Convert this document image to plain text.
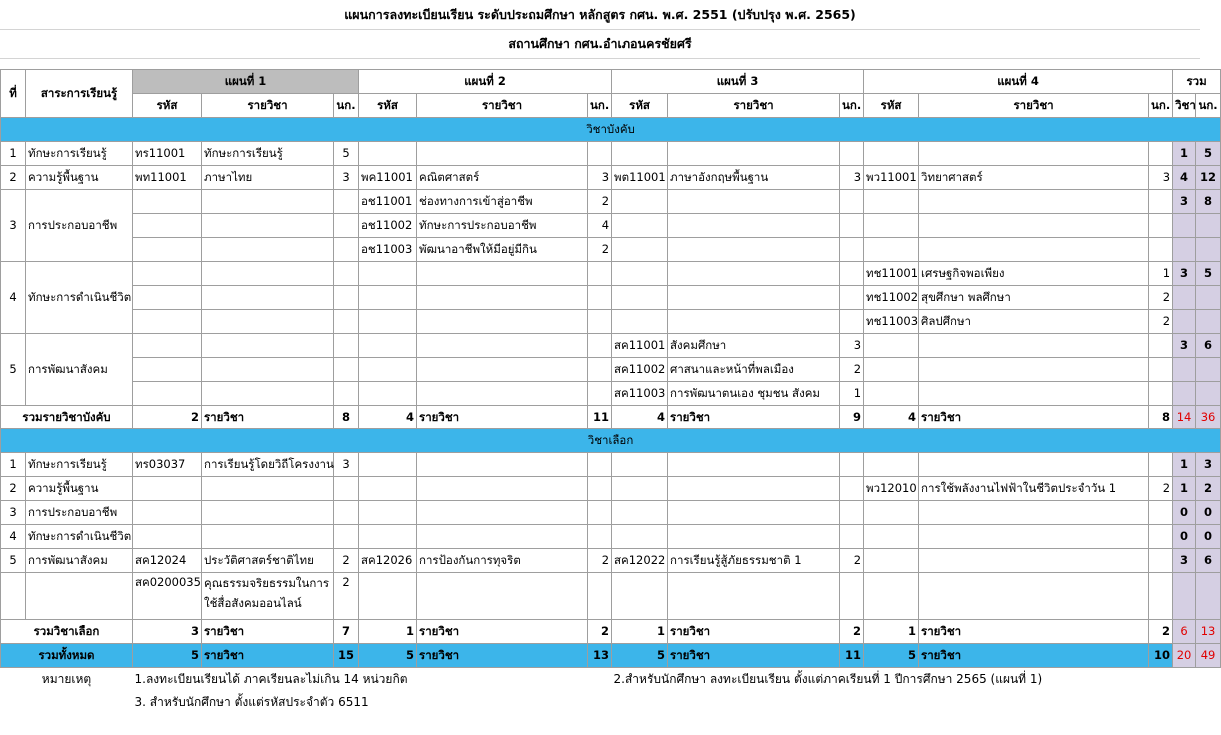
แผนการลงทะเบียนเรียน ระดับประถมศึกษา หลักสูตร กศน. พ.ศ. 2551 (ปรับปรุง พ.ศ. 2565)
สถานศึกษา กศน.อำเภอนครชัยศรี
ที่	สาระการเรียนรู้	แผนที่ 1			แผนที่ 2			แผนที่ 3			แผนที่ 4			รวม	
		รหัส	รายวิชา	นก.	รหัส	รายวิชา	นก.	รหัส	รายวิชา	นก.	รหัส	รายวิชา	นก.	วิชา	นก.
วิชาบังคับ															
1	ทักษะการเรียนรู้	ทร11001	ทักษะการเรียนรู้	5										1	5
2	ความรู้พื้นฐาน	พท11001	ภาษาไทย	3	พค11001	คณิตศาสตร์	3	พต11001	ภาษาอังกฤษพื้นฐาน	3	พว11001	วิทยาศาสตร์	3	4	12
3	การประกอบอาชีพ				อช11001	ช่องทางการเข้าสู่อาชีพ	2							3	8
					อช11002	ทักษะการประกอบอาชีพ	4								
					อช11003	พัฒนาอาชีพให้มีอยู่มีกิน	2								
4	ทักษะการดำเนินชีวิต										ทช11001	เศรษฐกิจพอเพียง	1	3	5
											ทช11002	สุขศึกษา พลศึกษา	2		
											ทช11003	ศิลปศึกษา	2		
5	การพัฒนาสังคม							สค11001	สังคมศึกษา	3				3	6
								สค11002	ศาสนาและหน้าที่พลเมือง	2					
								สค11003	การพัฒนาตนเอง ชุมชน สังคม	1					
รวมรายวิชาบังคับ		2	รายวิชา	8	4	รายวิชา	11	4	รายวิชา	9	4	รายวิชา	8	14	36
วิชาเลือก															
1	ทักษะการเรียนรู้	ทร03037	การเรียนรู้โดยวิถีโครงงาน	3										1	3
2	ความรู้พื้นฐาน										พว12010	การใช้พลังงานไฟฟ้าในชีวิตประจำวัน 1	2	1	2
3	การประกอบอาชีพ													0	0
4	ทักษะการดำเนินชีวิต													0	0
5	การพัฒนาสังคม	สค12024	ประวัติศาสตร์ชาติไทย	2	สค12026	การป้องกันการทุจริต	2	สค12022	การเรียนรู้สู้ภัยธรรมชาติ 1	2				3	6
		สค0200035	คุณธรรมจริยธรรมในการใช้สื่อสังคมออนไลน์	2											
รวมวิชาเลือก		3	รายวิชา	7	1	รายวิชา	2	1	รายวิชา	2	1	รายวิชา	2	6	13
รวมทั้งหมด		5	รายวิชา	15	5	รายวิชา	13	5	รายวิชา	11	5	รายวิชา	10	20	49
หมายเหตุ		1.ลงทะเบียนเรียนได้ ภาคเรียนละไม่เกิน 14 หน่วยกิต						2.สำหรับนักศึกษา ลงทะเบียนเรียน ตั้งแต่ภาคเรียนที่ 1 ปีการศึกษา 2565 (แผนที่ 1)							
		3. สำหรับนักศึกษา ตั้งแต่รหัสประจำตัว 6511													
